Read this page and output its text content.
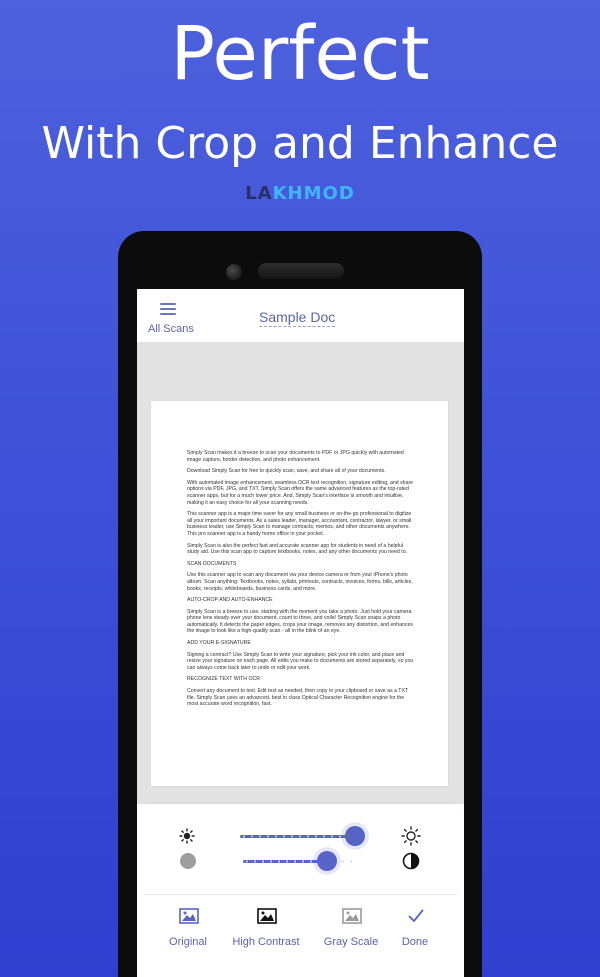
Perfect
With Crop and Enhance
LAKHMOD
All Scans
Sample Doc

Simply Scan makes it a breeze to scan your documents to PDF or JPG quickly with automated image capture, border detection, and photo enhancement.

Download Simply Scan for free to quickly scan, save, and share all of your documents.

With automated image enhancement, seamless OCR text recognition, signature editing, and share options via PDF, JPG, and TXT, Simply Scan offers the same advanced features as the top-rated scanner apps, but for a much lower price. And, Simply Scan's interface is smooth and intuitive, making it an easy choice for all your scanning needs.

This scanner app is a major time saver for any small business or on-the-go professional to digitize all your important documents. As a sales leader, manager, accountant, contractor, lawyer, or small business leader, use Simply Scan to manage contracts, memos, and other documents anywhere. This pro scanner app is a handy home office in your pocket.

Simply Scan is also the perfect fast and accurate scanner app for students in need of a helpful study aid. Use this scan app to capture textbooks, notes, and any other documents you need to.

SCAN DOCUMENTS

Use this scanner app to scan any document via your device camera or from your iPhone's photo album. Scan anything: Textbooks, notes, syllabi, printouts, contracts, invoices, forms, bills, articles, books, receipts, whiteboards, business cards, and more.

AUTO-CROP AND AUTO-ENHANCE

Simply Scan is a breeze to use, starting with the moment you take a photo. Just hold your camera phone lens steady over your document, count to three, and voila! Simply Scan snaps a photo automatically. It detects the paper edges, crops your image, removes any distortion, and enhances the image to look like a high-quality scan - all in the blink of an eye.

ADD YOUR E-SIGNATURE

Signing a contract? Use Simply Scan to write your signature, pick your ink color, and place and resize your signature on each page. All edits you make to documents are stored separately, so you can always come back later to undo or edit your work.

RECOGNIZE TEXT WITH OCR

Convert any document to text. Edit text as needed, then copy to your clipboard or save as a TXT file. Simply Scan uses an advanced, best in class Optical Character Recognition engine for the most accurate word recognition, fast.

Original	High Contrast	Gray Scale	Done
